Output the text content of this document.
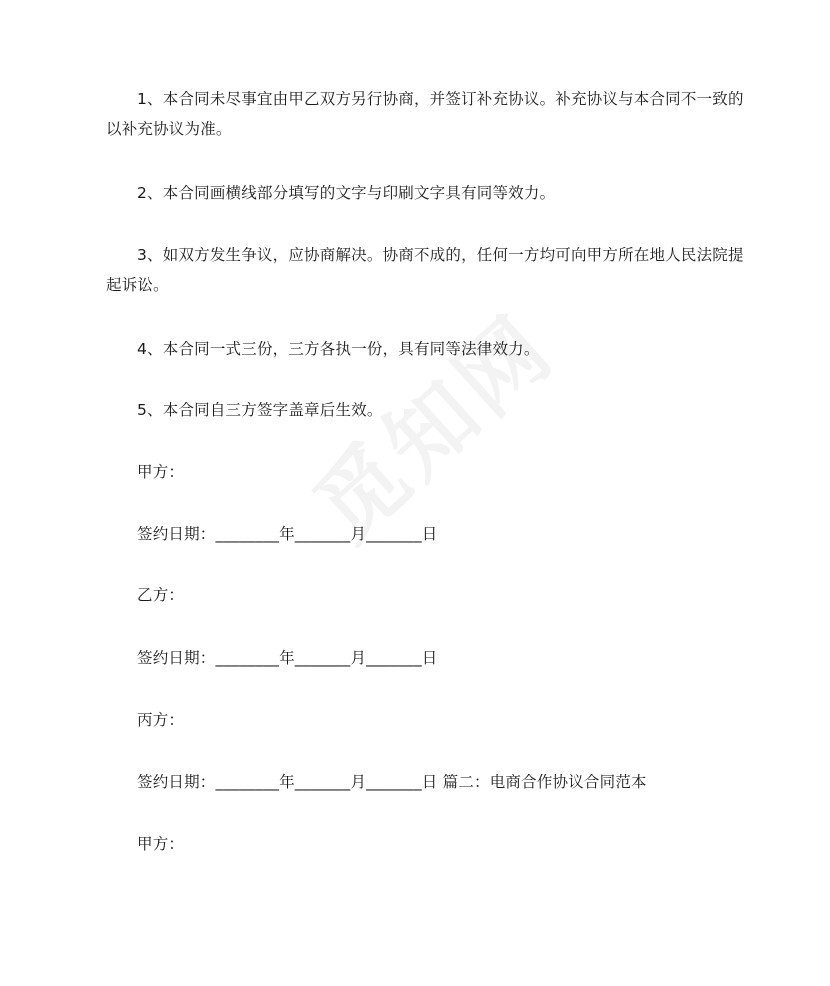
1、本合同未尽事宜由甲乙双方另行协商，并签订补充协议。补充协议与本合同不一致的以补充协议为准。

2、本合同画横线部分填写的文字与印刷文字具有同等效力。

3、如双方发生争议，应协商解决。协商不成的，任何一方均可向甲方所在地人民法院提起诉讼。

4、本合同一式三份，三方各执一份，具有同等法律效力。

5、本合同自三方签字盖章后生效。

甲方：

签约日期：________年_______月_______日

乙方：

签约日期：________年_______月_______日

丙方：

签约日期：________年_______月_______日 篇二：电商合作协议合同范本

甲方：
